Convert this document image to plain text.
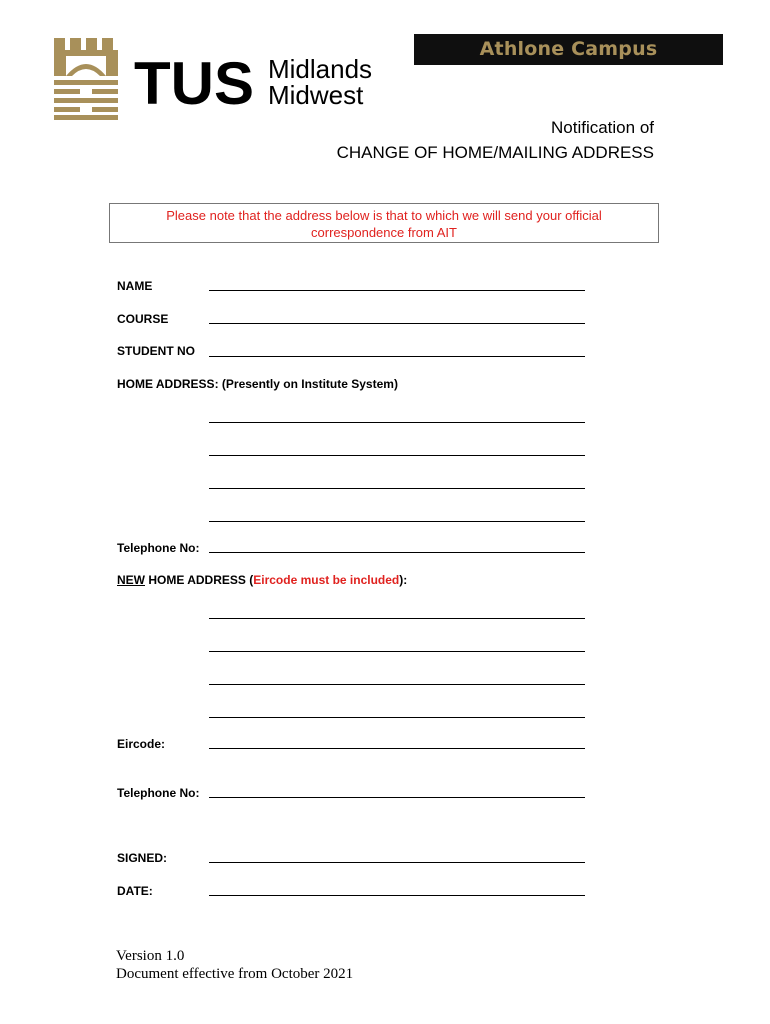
TUS Midlands
Midwest
Athlone Campus
Notification of
CHANGE OF HOME/MAILING ADDRESS
Please note that the address below is that to which we will send your official
correspondence from AIT
NAME
COURSE
STUDENT NO
HOME ADDRESS: (Presently on Institute System)
Telephone No:
NEW HOME ADDRESS (Eircode must be included):
Eircode:
Telephone No:
SIGNED:
DATE:
Version 1.0
Document effective from October 2021
